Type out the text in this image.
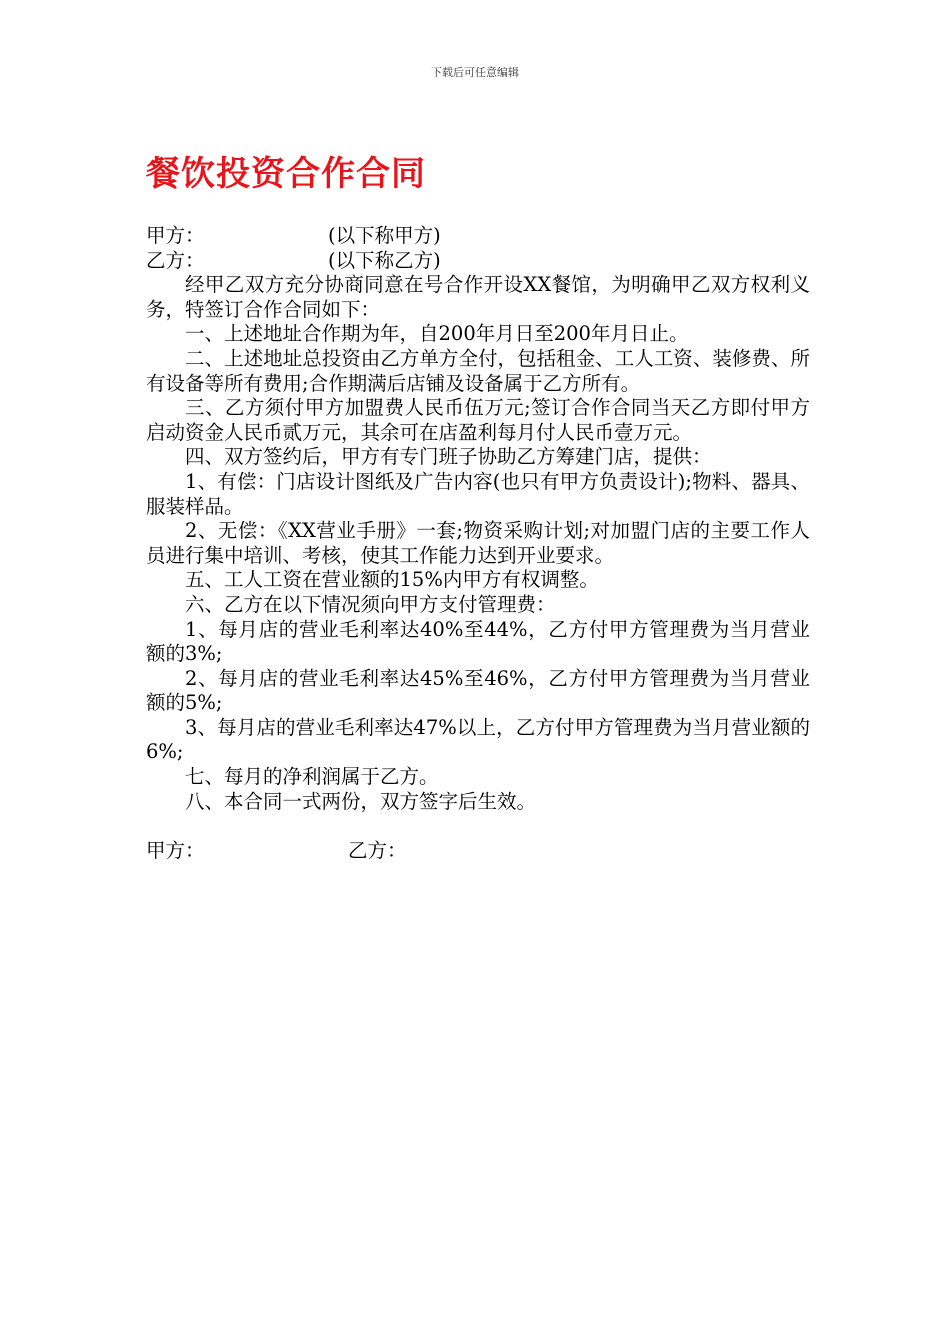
下载后可任意编辑
餐饮投资合作合同
甲方：	(以下称甲方)
乙方：	(以下称乙方)

经甲乙双方充分协商同意在号合作开设XX餐馆，为明确甲乙双方权利义务，特签订合作合同如下：

一、上述地址合作期为年，自200年月日至200年月日止。

二、上述地址总投资由乙方单方全付，包括租金、工人工资、装修费、所有设备等所有费用;合作期满后店铺及设备属于乙方所有。

三、乙方须付甲方加盟费人民币伍万元;签订合作合同当天乙方即付甲方启动资金人民币贰万元，其余可在店盈利每月付人民币壹万元。

四、双方签约后，甲方有专门班子协助乙方筹建门店，提供：

1、有偿：门店设计图纸及广告内容(也只有甲方负责设计);物料、器具、服装样品。

2、无偿：《XX营业手册》一套;物资采购计划;对加盟门店的主要工作人员进行集中培训、考核，使其工作能力达到开业要求。

五、工人工资在营业额的15%内甲方有权调整。

六、乙方在以下情况须向甲方支付管理费：

1、每月店的营业毛利率达40%至44%，乙方付甲方管理费为当月营业额的3%;

2、每月店的营业毛利率达45%至46%，乙方付甲方管理费为当月营业额的5%;

3、每月店的营业毛利率达47%以上，乙方付甲方管理费为当月营业额的6%;

七、每月的净利润属于乙方。

八、本合同一式两份，双方签字后生效。

甲方：	乙方：
